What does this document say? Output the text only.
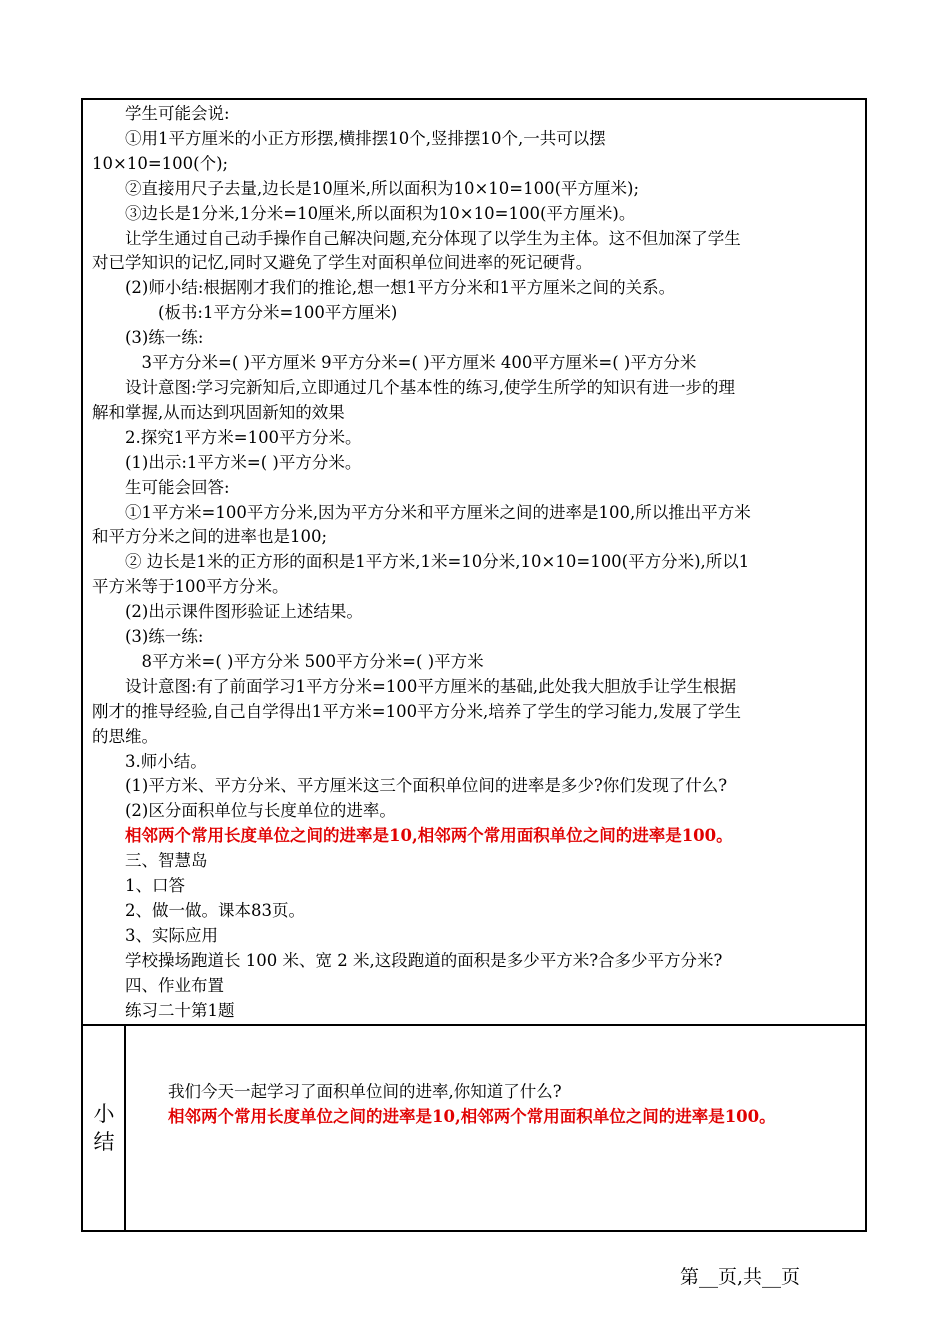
学生可能会说:

①用1平方厘米的小正方形摆,横排摆10个,竖排摆10个,一共可以摆

10×10=100(个);

②直接用尺子去量,边长是10厘米,所以面积为10×10=100(平方厘米);

③边长是1分米,1分米=10厘米,所以面积为10×10=100(平方厘米)。

让学生通过自己动手操作自己解决问题,充分体现了以学生为主体。这不但加深了学生

对已学知识的记忆,同时又避免了学生对面积单位间进率的死记硬背。

(2)师小结:根据刚才我们的推论,想一想1平方分米和1平方厘米之间的关系。

(板书:1平方分米=100平方厘米)

(3)练一练:

3平方分米=( )平方厘米 9平方分米=( )平方厘米 400平方厘米=( )平方分米

设计意图:学习完新知后,立即通过几个基本性的练习,使学生所学的知识有进一步的理

解和掌握,从而达到巩固新知的效果

2.探究1平方米=100平方分米。

(1)出示:1平方米=( )平方分米。

生可能会回答:

①1平方米=100平方分米,因为平方分米和平方厘米之间的进率是100,所以推出平方米

和平方分米之间的进率也是100;

② 边长是1米的正方形的面积是1平方米,1米=10分米,10×10=100(平方分米),所以1

平方米等于100平方分米。

(2)出示课件图形验证上述结果。

(3)练一练:

8平方米=( )平方分米 500平方分米=( )平方米

设计意图:有了前面学习1平方分米=100平方厘米的基础,此处我大胆放手让学生根据

刚才的推导经验,自己自学得出1平方米=100平方分米,培养了学生的学习能力,发展了学生

的思维。

3.师小结。

(1)平方米、平方分米、平方厘米这三个面积单位间的进率是多少?你们发现了什么?

(2)区分面积单位与长度单位的进率。

相邻两个常用长度单位之间的进率是10,相邻两个常用面积单位之间的进率是100。

三、智慧岛

1、口答

2、做一做。课本83页。

3、实际应用

学校操场跑道长 100 米、宽 2 米,这段跑道的面积是多少平方米?合多少平方分米?

四、作业布置

练习二十第1题

小结

我们今天一起学习了面积单位间的进率,你知道了什么?

相邻两个常用长度单位之间的进率是10,相邻两个常用面积单位之间的进率是100。

第__页,共__页
